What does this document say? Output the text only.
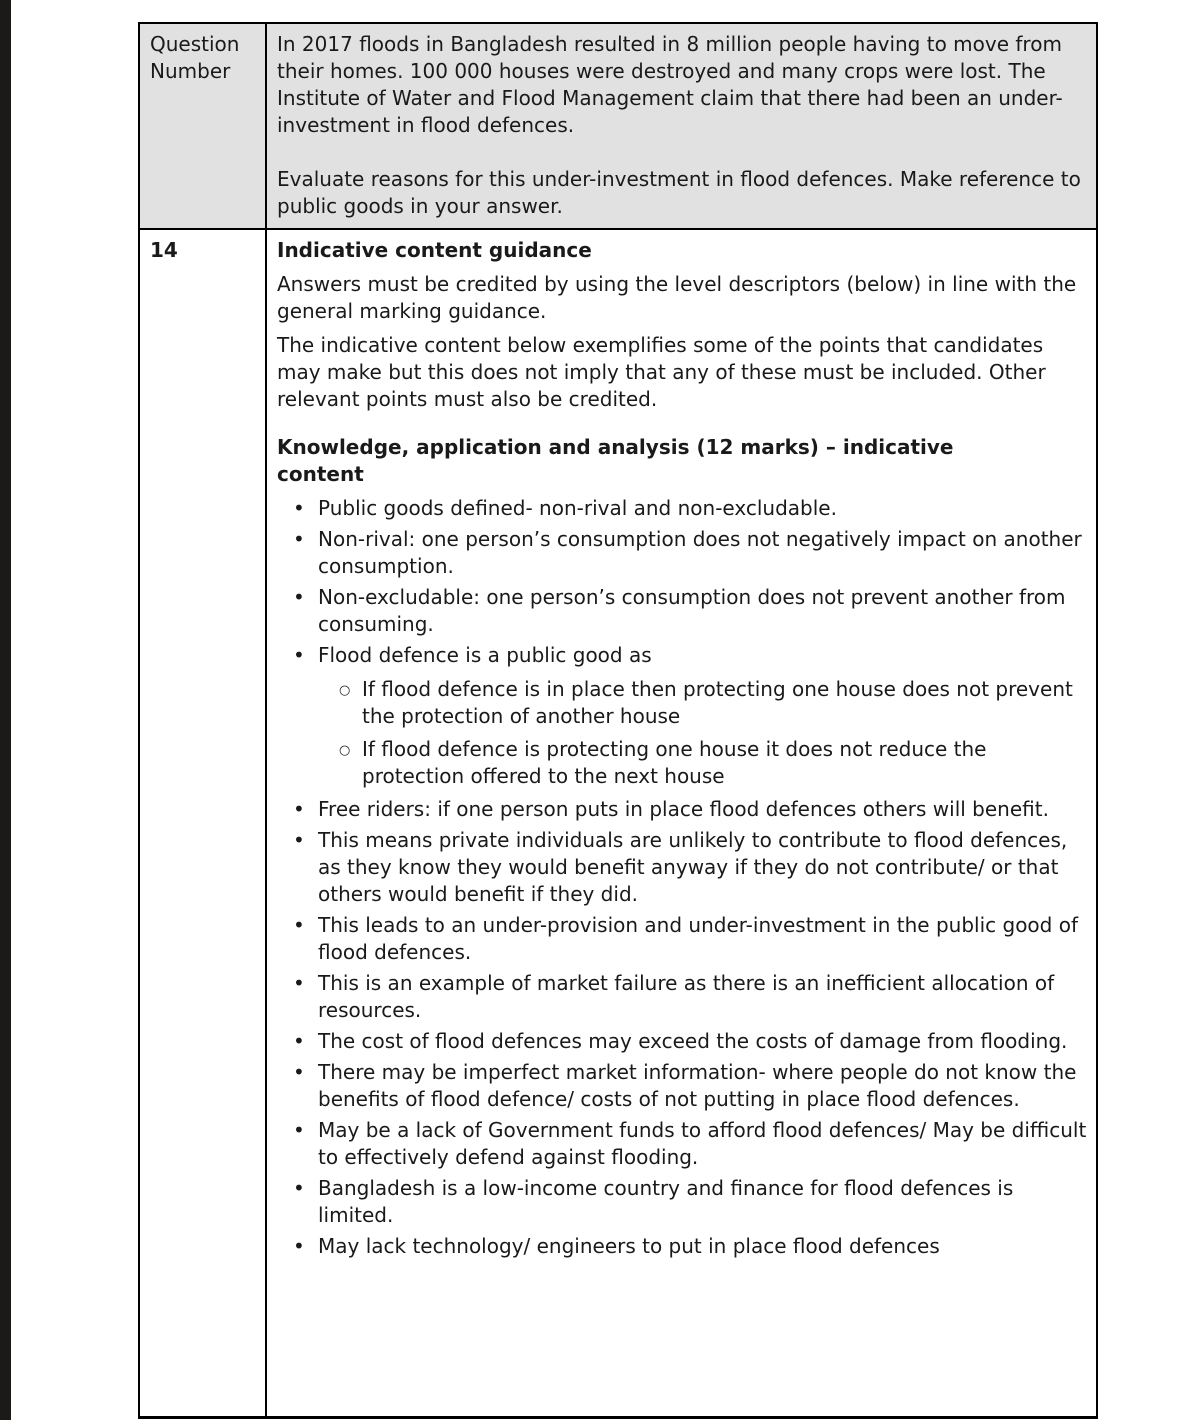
Question Number

In 2017 floods in Bangladesh resulted in 8 million people having to move from their homes. 100 000 houses were destroyed and many crops were lost. The Institute of Water and Flood Management claim that there had been an under-investment in flood defences.

Evaluate reasons for this under-investment in flood defences. Make reference to public goods in your answer.

14	Indicative content guidance

Answers must be credited by using the level descriptors (below) in line with the general marking guidance.

The indicative content below exemplifies some of the points that candidates may make but this does not imply that any of these must be included. Other relevant points must also be credited.

Knowledge, application and analysis (12 marks) – indicative content
• Public goods defined- non-rival and non-excludable.
• Non-rival: one person’s consumption does not negatively impact on another consumption.
• Non-excludable: one person’s consumption does not prevent another from consuming.
• Flood defence is a public good as
○ If flood defence is in place then protecting one house does not prevent the protection of another house
○ If flood defence is protecting one house it does not reduce the protection offered to the next house
• Free riders: if one person puts in place flood defences others will benefit.
• This means private individuals are unlikely to contribute to flood defences, as they know they would benefit anyway if they do not contribute/ or that others would benefit if they did.
• This leads to an under-provision and under-investment in the public good of flood defences.
• This is an example of market failure as there is an inefficient allocation of resources.
• The cost of flood defences may exceed the costs of damage from flooding.
• There may be imperfect market information- where people do not know the benefits of flood defence/ costs of not putting in place flood defences.
• May be a lack of Government funds to afford flood defences/ May be difficult to effectively defend against flooding.
• Bangladesh is a low-income country and finance for flood defences is limited.
• May lack technology/ engineers to put in place flood defences
